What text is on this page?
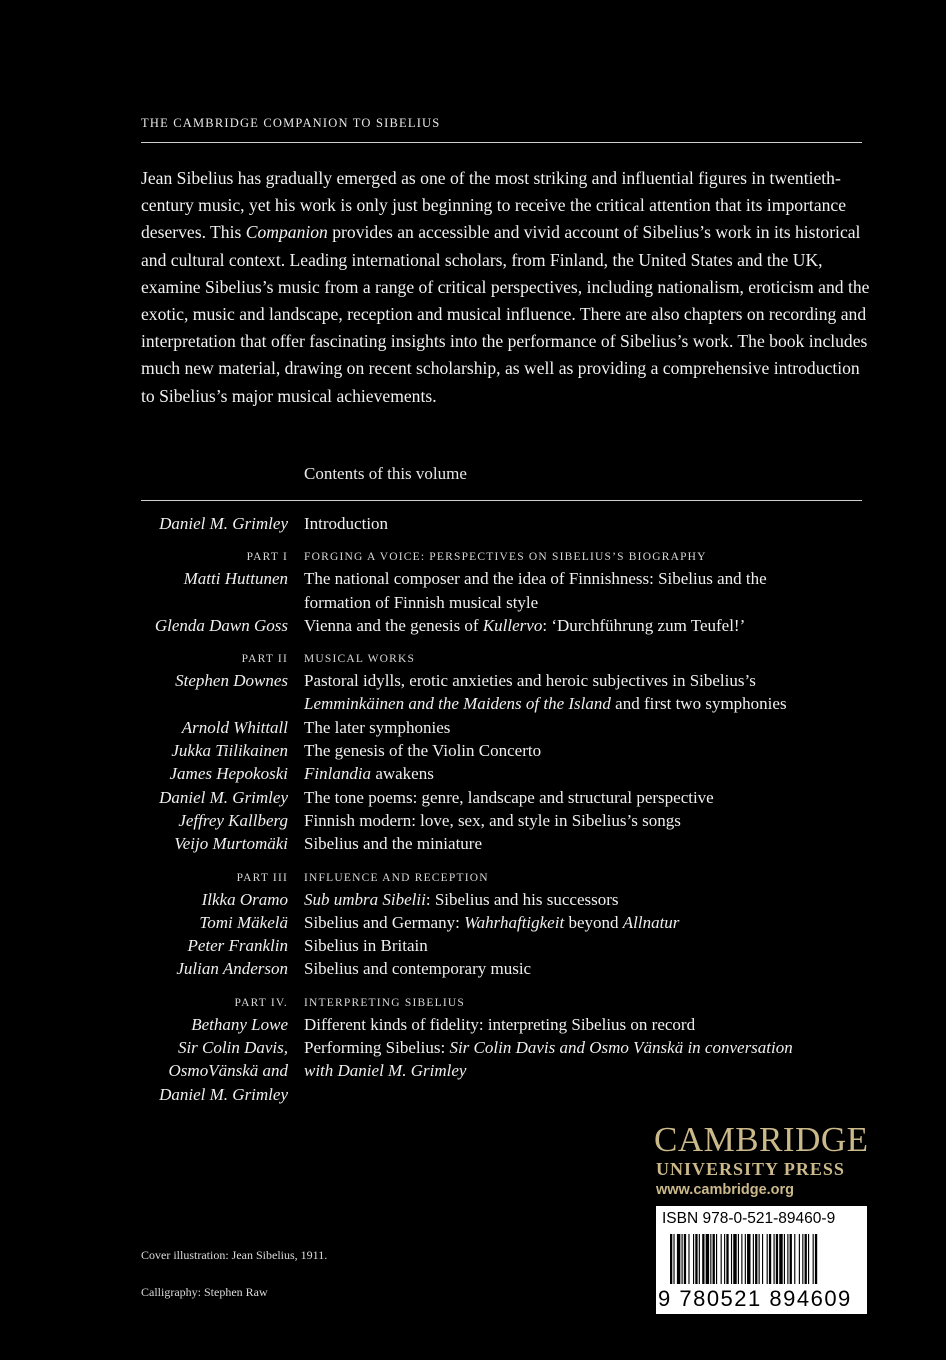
THE CAMBRIDGE COMPANION TO SIBELIUS
Jean Sibelius has gradually emerged as one of the most striking and influential figures in twentieth-century music, yet his work is only just beginning to receive the critical attention that its importance deserves. This Companion provides an accessible and vivid account of Sibelius’s work in its historical and cultural context. Leading international scholars, from Finland, the United States and the UK, examine Sibelius’s music from a range of critical perspectives, including nationalism, eroticism and the exotic, music and landscape, reception and musical influence. There are also chapters on recording and interpretation that offer fascinating insights into the performance of Sibelius’s work. The book includes much new material, drawing on recent scholarship, as well as providing a comprehensive introduction to Sibelius’s major musical achievements.
Contents of this volume
Daniel M. Grimley Introduction
PART I FORGING A VOICE: PERSPECTIVES ON SIBELIUS’S BIOGRAPHY
Matti Huttunen The national composer and the idea of Finnishness: Sibelius and the
formation of Finnish musical style
Glenda Dawn Goss Vienna and the genesis of Kullervo: ‘Durchführung zum Teufel!’
PART II MUSICAL WORKS
Stephen Downes Pastoral idylls, erotic anxieties and heroic subjectives in Sibelius’s
Lemminkäinen and the Maidens of the Island and first two symphonies
Arnold Whittall The later symphonies
Jukka Tiilikainen The genesis of the Violin Concerto
James Hepokoski Finlandia awakens
Daniel M. Grimley The tone poems: genre, landscape and structural perspective
Jeffrey Kallberg Finnish modern: love, sex, and style in Sibelius’s songs
Veijo Murtomäki Sibelius and the miniature
PART III INFLUENCE AND RECEPTION
Ilkka Oramo Sub umbra Sibelii: Sibelius and his successors
Tomi Mäkelä Sibelius and Germany: Wahrhaftigkeit beyond Allnatur
Peter Franklin Sibelius in Britain
Julian Anderson Sibelius and contemporary music
PART IV. INTERPRETING SIBELIUS
Bethany Lowe Different kinds of fidelity: interpreting Sibelius on record
Sir Colin Davis, Performing Sibelius: Sir Colin Davis and Osmo Vänskä in conversation
OsmoVänskä and with Daniel M. Grimley
Daniel M. Grimley
CAMBRIDGE
UNIVERSITY PRESS
www.cambridge.org
ISBN 978-0-521-89460-9
9 780521 894609
Cover illustration: Jean Sibelius, 1911.
Calligraphy: Stephen Raw
